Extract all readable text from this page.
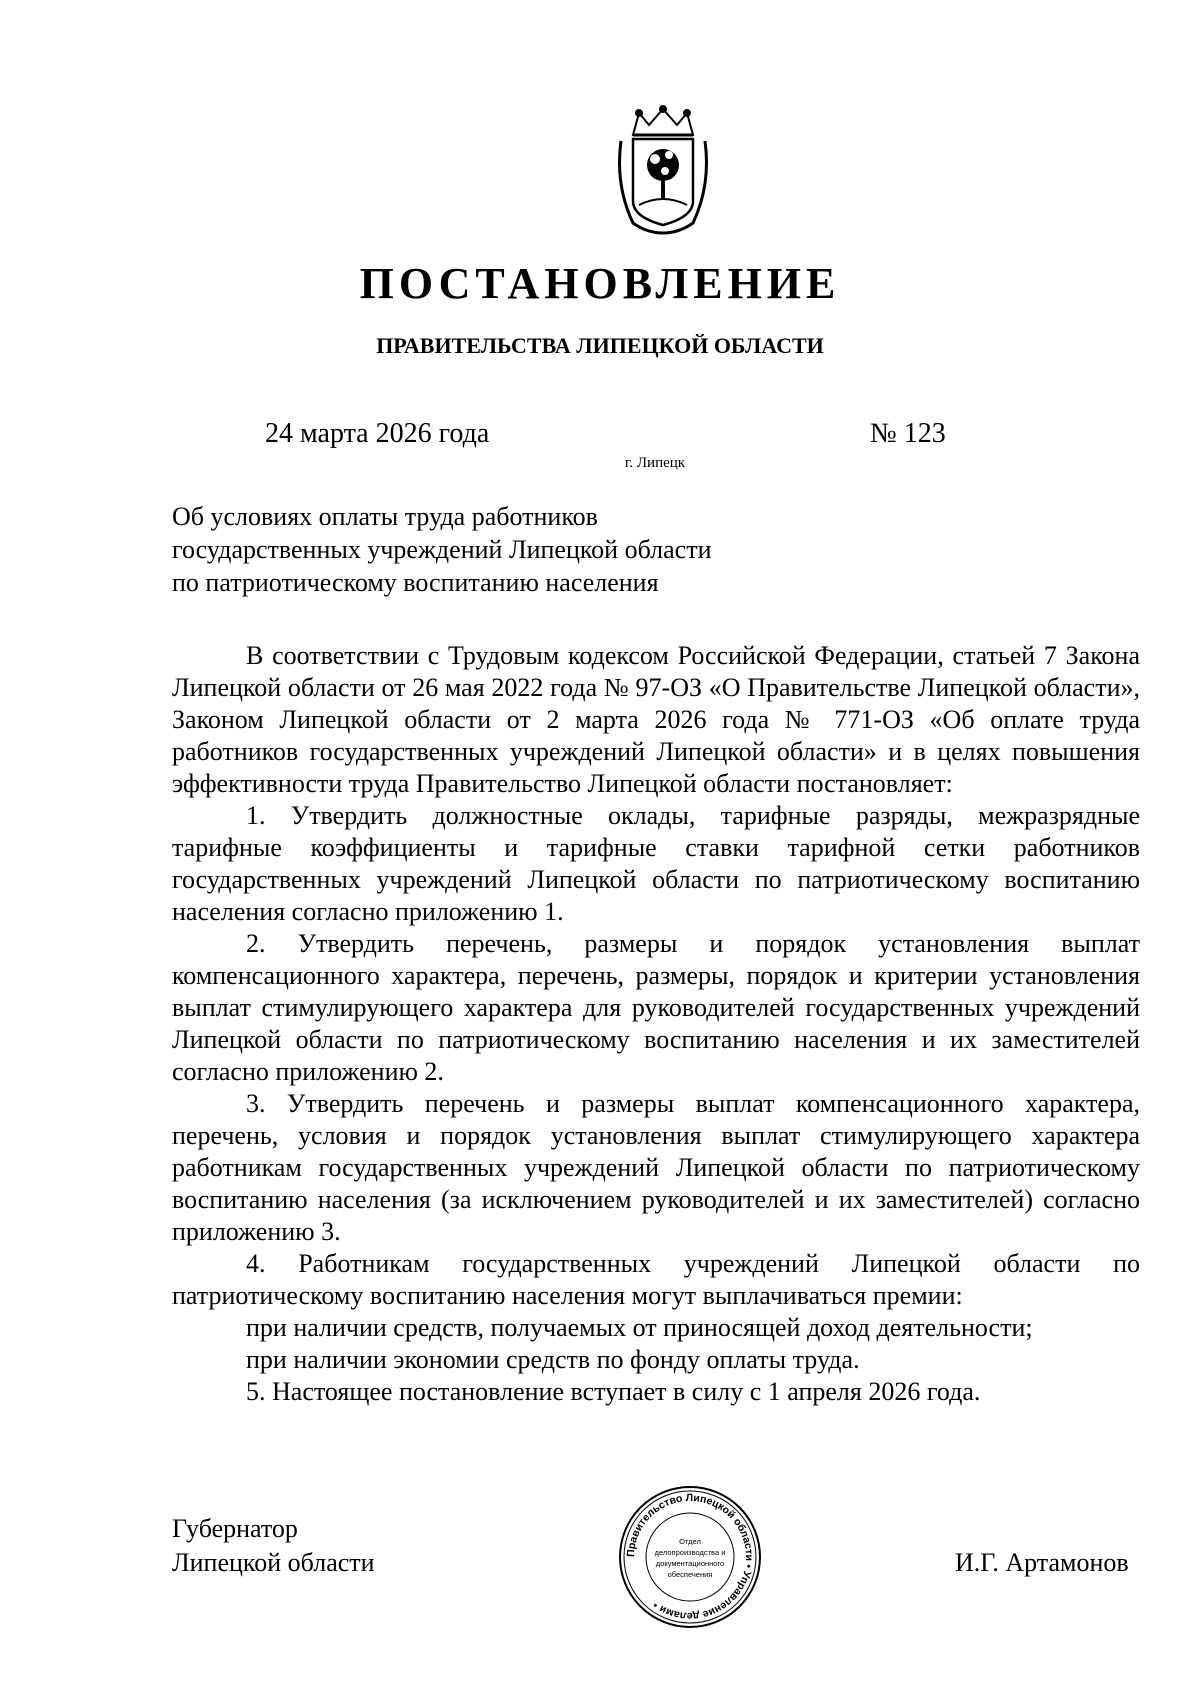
ПОСТАНОВЛЕНИЕ
ПРАВИТЕЛЬСТВА ЛИПЕЦКОЙ ОБЛАСТИ
24 марта 2026 года	№ 123
г. Липецк
Об условиях оплаты труда работников
государственных учреждений Липецкой области
по патриотическому воспитанию населения

В соответствии с Трудовым кодексом Российской Федерации, статьей 7 Закона Липецкой области от 26 мая 2022 года № 97-ОЗ «О Правительстве Липецкой области», Законом Липецкой области от 2 марта 2026 года № 771-ОЗ «Об оплате труда работников государственных учреждений Липецкой области» и в целях повышения эффективности труда Правительство Липецкой области постановляет:

1. Утвердить должностные оклады, тарифные разряды, межразрядные тарифные коэффициенты и тарифные ставки тарифной сетки работников государственных учреждений Липецкой области по патриотическому воспитанию населения согласно приложению 1.

2. Утвердить перечень, размеры и порядок установления выплат компенсационного характера, перечень, размеры, порядок и критерии установления выплат стимулирующего характера для руководителей государственных учреждений Липецкой области по патриотическому воспитанию населения и их заместителей согласно приложению 2.

3. Утвердить перечень и размеры выплат компенсационного характера, перечень, условия и порядок установления выплат стимулирующего характера работникам государственных учреждений Липецкой области по патриотическому воспитанию населения (за исключением руководителей и их заместителей) согласно приложению 3.

4. Работникам государственных учреждений Липецкой области по патриотическому воспитанию населения могут выплачиваться премии:

при наличии средств, получаемых от приносящей доход деятельности;

при наличии экономии средств по фонду оплаты труда.

5. Настоящее постановление вступает в силу с 1 апреля 2026 года.

Губернатор
Липецкой области	Правительство Липецкой области • Управление делами •
Отдел
делопроизводства и
документационного
обеспечения	И.Г. Артамонов
